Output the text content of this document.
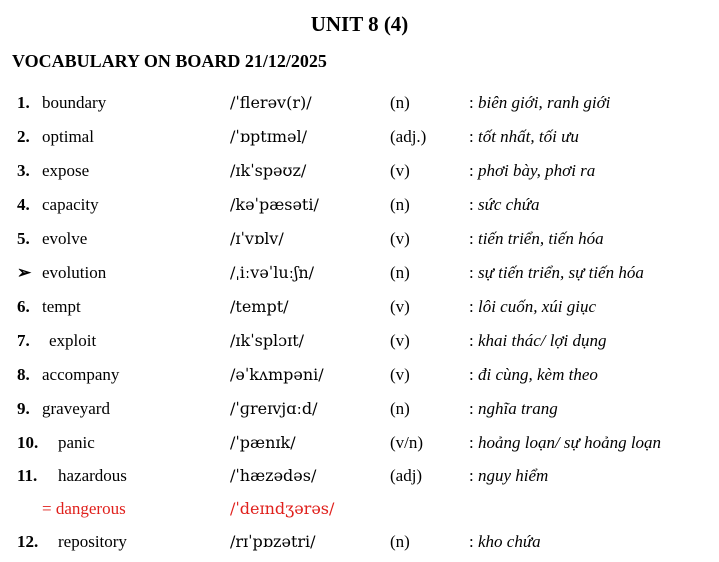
UNIT 8 (4)
VOCABULARY ON BOARD 21/12/2025
1. boundary	/ˈflerəv(r)/	(n)	: biên giới, ranh giới
2. optimal	/ˈɒptɪməl/	(adj.)	: tốt nhất, tối ưu
3. expose	/ɪkˈspəʊz/	(v)	: phơi bày, phơi ra
4. capacity	/kəˈpæsəti/	(n)	: sức chứa
5. evolve	/ɪˈvɒlv/	(v)	: tiến triển, tiến hóa
➢ evolution	/ˌiːvəˈluːʃn/	(n)	: sự tiến triển, sự tiến hóa
6. tempt	/tempt/	(v)	: lôi cuốn, xúi giục
7. exploit	/ɪkˈsplɔɪt/	(v)	: khai thác/ lợi dụng
8. accompany	/əˈkʌmpəni/	(v)	: đi cùng, kèm theo
9. graveyard	/ˈɡreɪvjɑːd/	(n)	: nghĩa trang
10. panic	/ˈpænɪk/	(v/n)	: hoảng loạn/ sự hoảng loạn
11. hazardous	/ˈhæzədəs/	(adj)	: nguy hiểm
= dangerous	/ˈdeɪndʒərəs/
12. repository	/rɪˈpɒzətri/	(n)	: kho chứa
